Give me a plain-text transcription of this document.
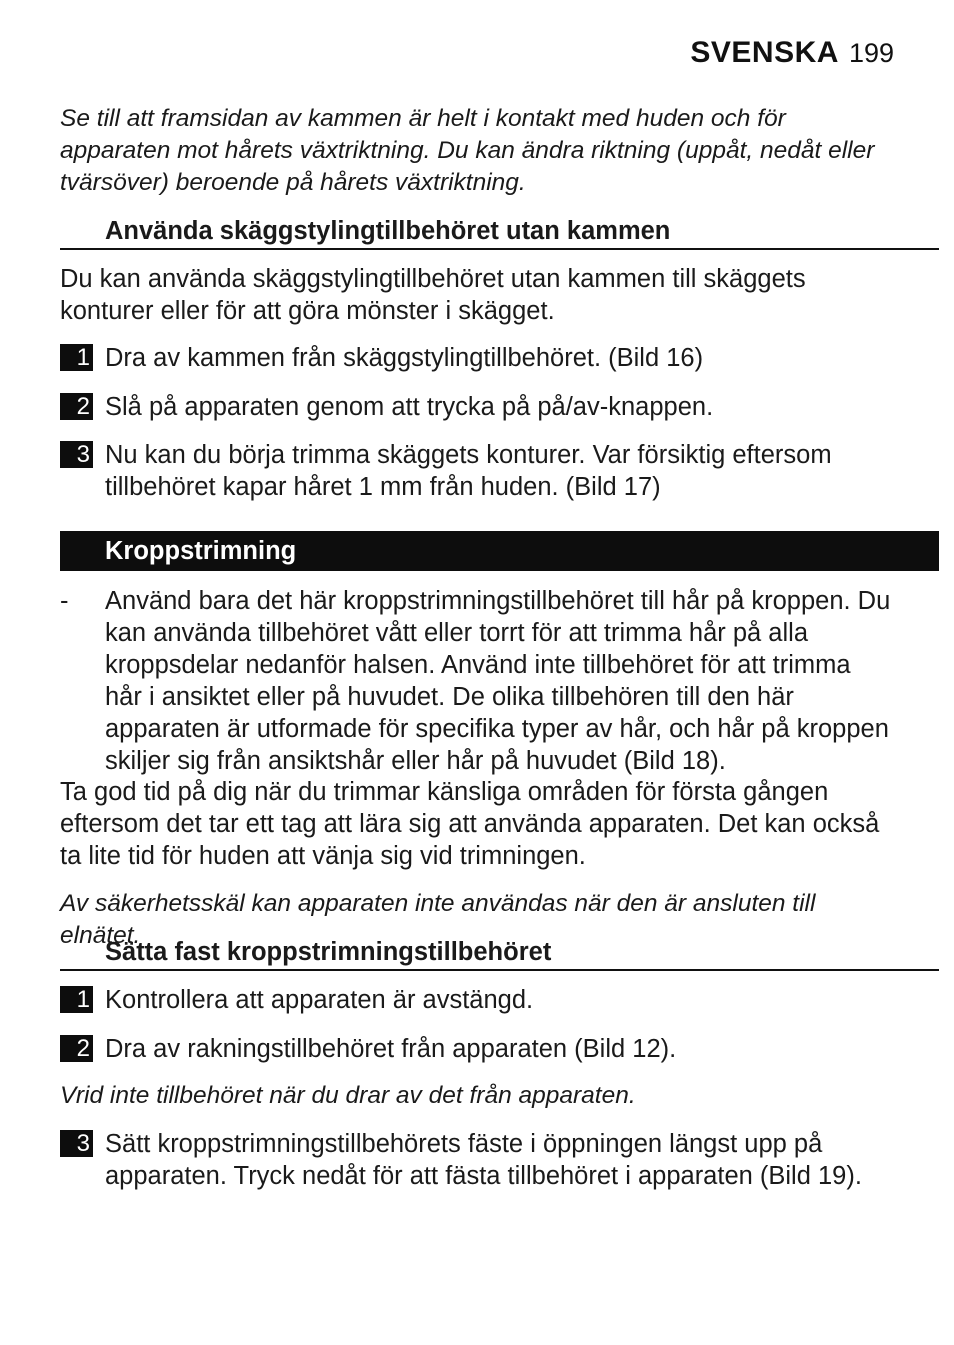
SVENSKA 199
Se till att framsidan av kammen är helt i kontakt med huden och för apparaten mot hårets växtriktning. Du kan ändra riktning (uppåt, nedåt eller tvärsöver) beroende på hårets växtriktning.
Använda skäggstylingtillbehöret utan kammen
Du kan använda skäggstylingtillbehöret utan kammen till skäggets konturer eller för att göra mönster i skägget.
1 Dra av kammen från skäggstylingtillbehöret. (Bild 16)
2 Slå på apparaten genom att trycka på på/av-knappen.
3 Nu kan du börja trimma skäggets konturer. Var försiktig eftersom tillbehöret kapar håret 1 mm från huden. (Bild 17)
Kroppstrimning
-	Använd bara det här kroppstrimningstillbehöret till hår på kroppen. Du kan använda tillbehöret vått eller torrt för att trimma hår på alla kroppsdelar nedanför halsen. Använd inte tillbehöret för att trimma hår i ansiktet eller på huvudet. De olika tillbehören till den här apparaten är utformade för specifika typer av hår, och hår på kroppen skiljer sig från ansiktshår eller hår på huvudet (Bild 18).
Ta god tid på dig när du trimmar känsliga områden för första gången eftersom det tar ett tag att lära sig att använda apparaten. Det kan också ta lite tid för huden att vänja sig vid trimningen.
Av säkerhetsskäl kan apparaten inte användas när den är ansluten till elnätet.
Sätta fast kroppstrimningstillbehöret
1 Kontrollera att apparaten är avstängd.
2 Dra av rakningstillbehöret från apparaten (Bild 12).
Vrid inte tillbehöret när du drar av det från apparaten.
3 Sätt kroppstrimningstillbehörets fäste i öppningen längst upp på apparaten. Tryck nedåt för att fästa tillbehöret i apparaten (Bild 19).
